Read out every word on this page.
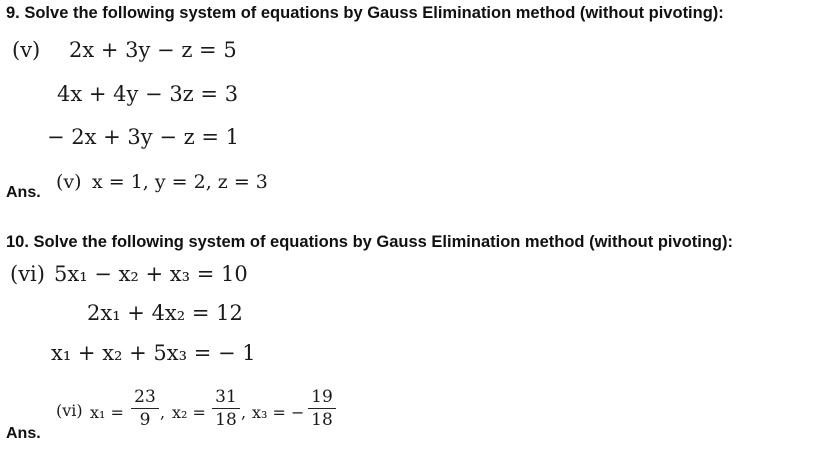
9. Solve the following system of equations by Gauss Elimination method (without pivoting):
(v) 2x + 3y − z = 5
4x + 4y − 3z = 3
− 2x + 3y − z = 1
Ans. (v) x = 1, y = 2, z = 3
10. Solve the following system of equations by Gauss Elimination method (without pivoting):
(vi) 5x₁ − x₂ + x₃ = 10
2x₁ + 4x₂ = 12
x₁ + x₂ + 5x₃ = − 1
Ans.
(vi) x₁ =
23
9 , x₂ =
31
18 , x₃ = −
19
18
